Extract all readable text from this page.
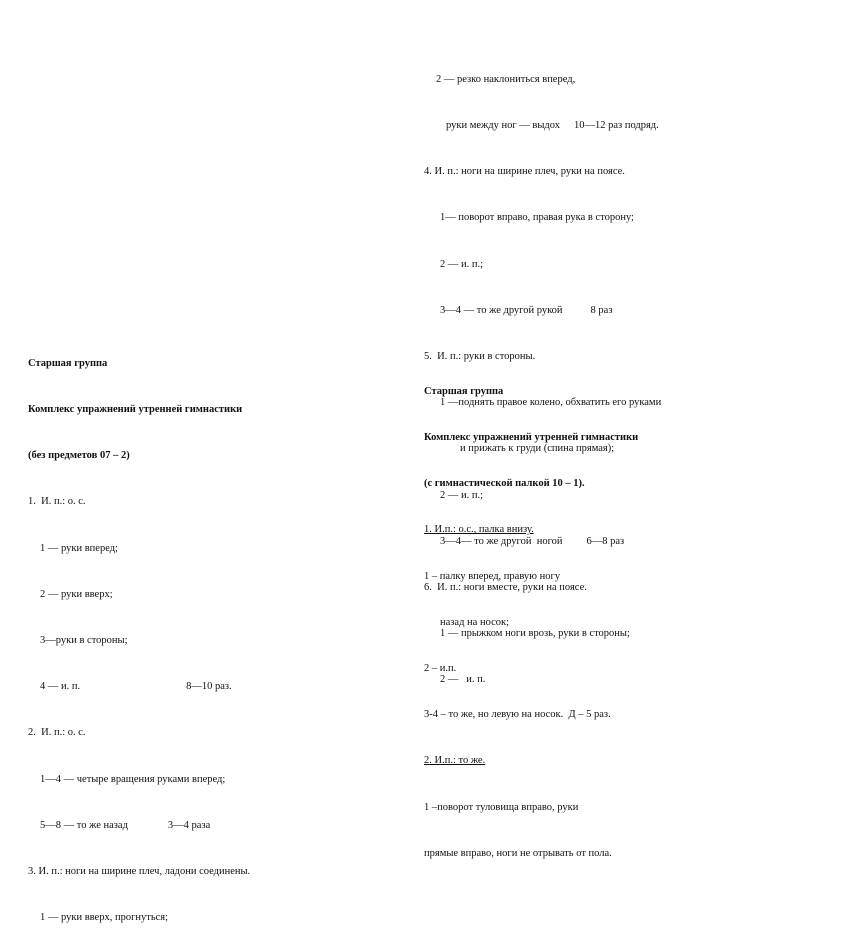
2 — резко наклониться вперед,

руки между ног — выдох 10—12 раз подряд.

4. И. п.: ноги на ширине плеч, руки на поясе.

1— поворот вправо, правая рука в сторону;

2 — и. п.;

3—4 — то же другой рукой	8 раз

5.  И. п.: руки в стороны.

1 —поднять правое колено, обхватить его руками

и прижать к груди (спина прямая);

2 — и. п.;

3—4— то же другой  ногой 6—8 раз

6.  И. п.: ноги вместе, руки на поясе.

1 — прыжком ноги врозь, руки в стороны;

2 —   и. п.

Старшая группа

Комплекс упражнений утренней гимнастики

(без предметов 07 – 2)

1.  И. п.: о. с.

1 — руки вперед;

2 — руки вверх;

3—руки в стороны;

4 — и. п.	8—10 раз.

2.  И. п.: о. с.

1—4 — четыре вращения руками вперед;

5—8 — то же назад	3—4 раза

3. И. п.: ноги на ширине плеч, ладони соединены.

1 — руки вверх, прогнуться;

Старшая группа

Комплекс упражнений утренней гимнастики

(с гимнастической палкой 10 – 1).

1. И.п.: о.с., палка внизу.

1 – палку вперед, правую ногу

назад на носок;

2 – и.п.

3-4 – то же, но левую на носок.  Д – 5 раз.

2. И.п.: то же.

1 –поворот туловища вправо, руки

прямые вправо, ноги не отрывать от пола.
